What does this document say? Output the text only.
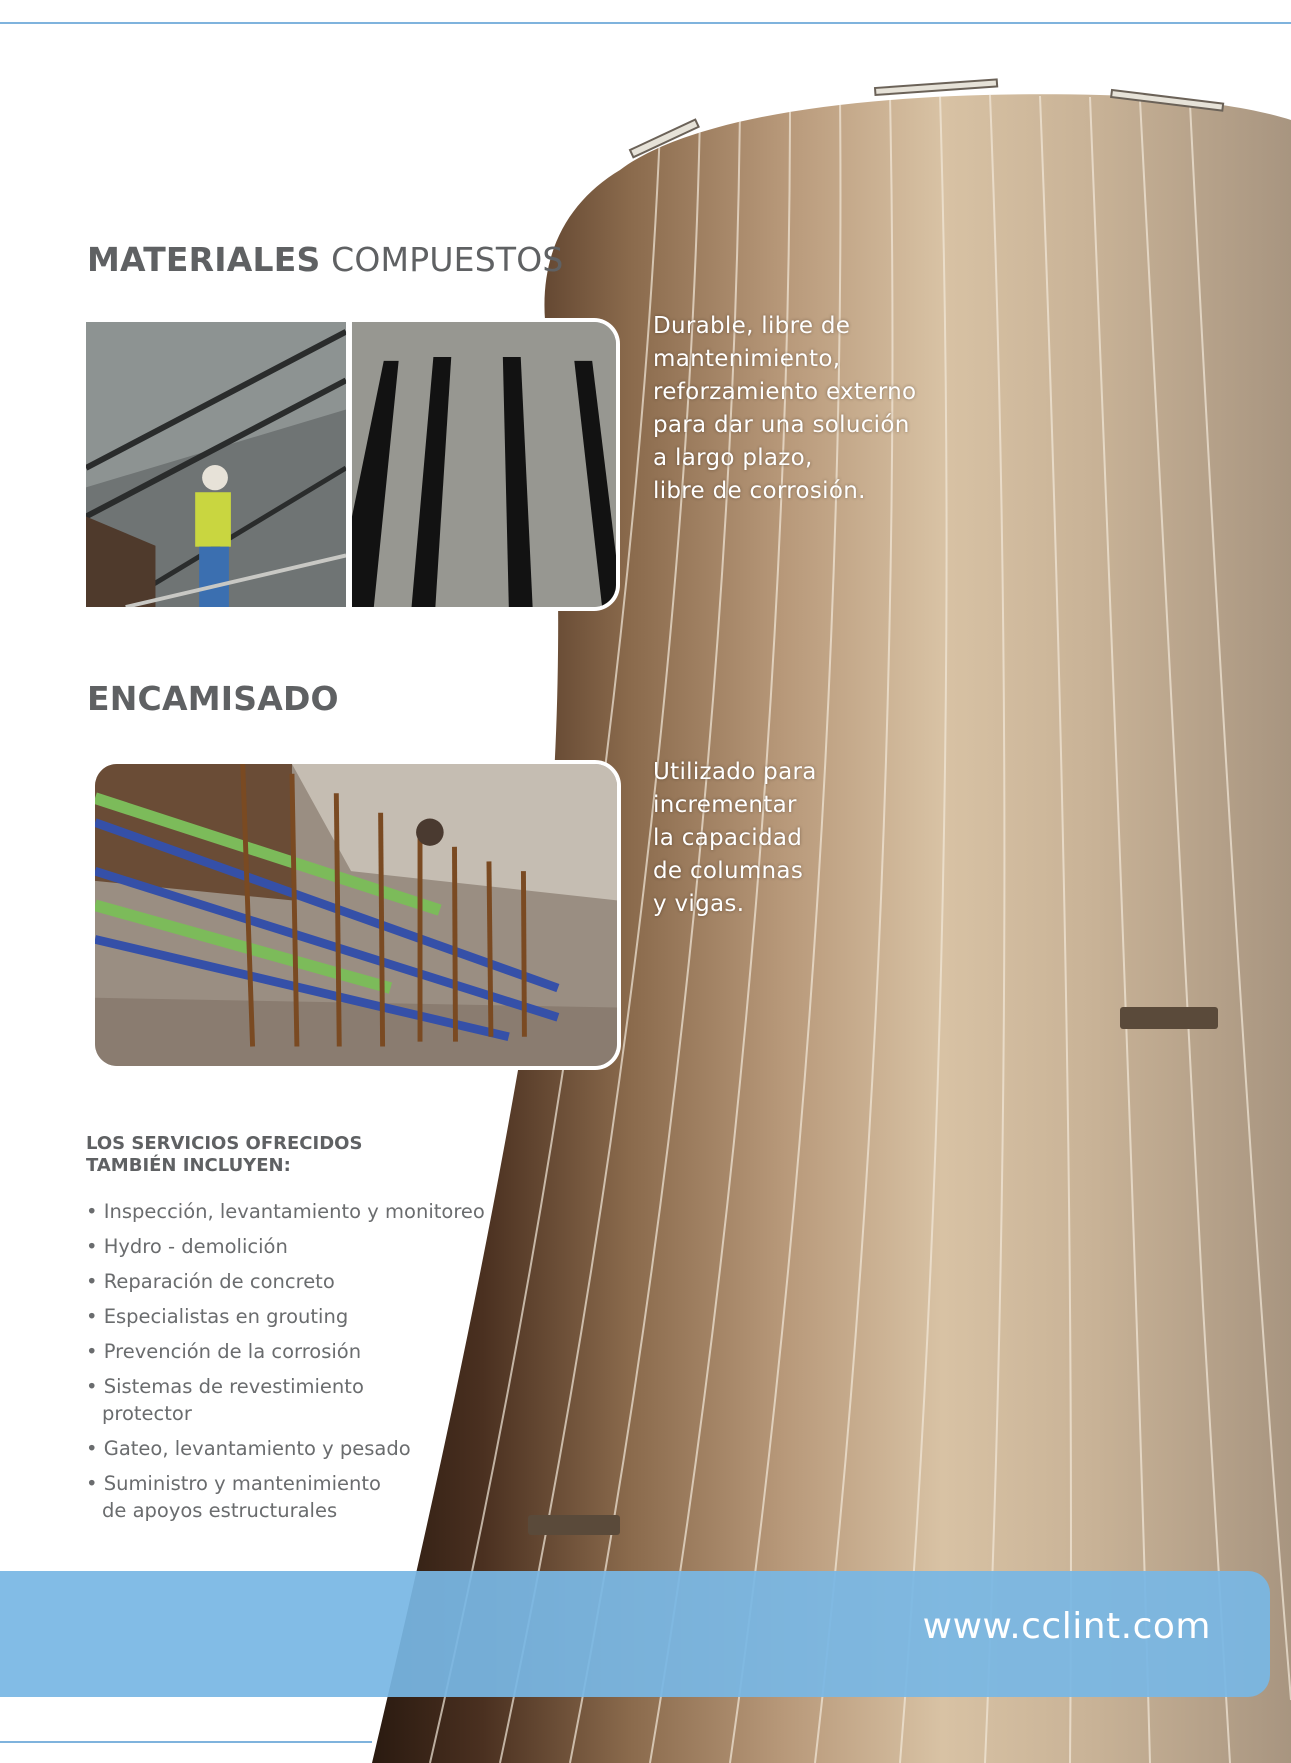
MATERIALES COMPUESTOS

Durable, libre de
mantenimiento,
reforzamiento externo
para dar una solución
a largo plazo,
libre de corrosión.

ENCAMISADO

Utilizado para
incrementar
la capacidad
de columnas
y vigas.

LOS SERVICIOS OFRECIDOS
TAMBIÉN INCLUYEN:
• Inspección, levantamiento y monitoreo
• Hydro - demolición
• Reparación de concreto
• Especialistas en grouting
• Prevención de la corrosión
• Sistemas de revestimiento
protector
• Gateo, levantamiento y pesado
• Suministro y mantenimiento
de apoyos estructurales

www.cclint.com
